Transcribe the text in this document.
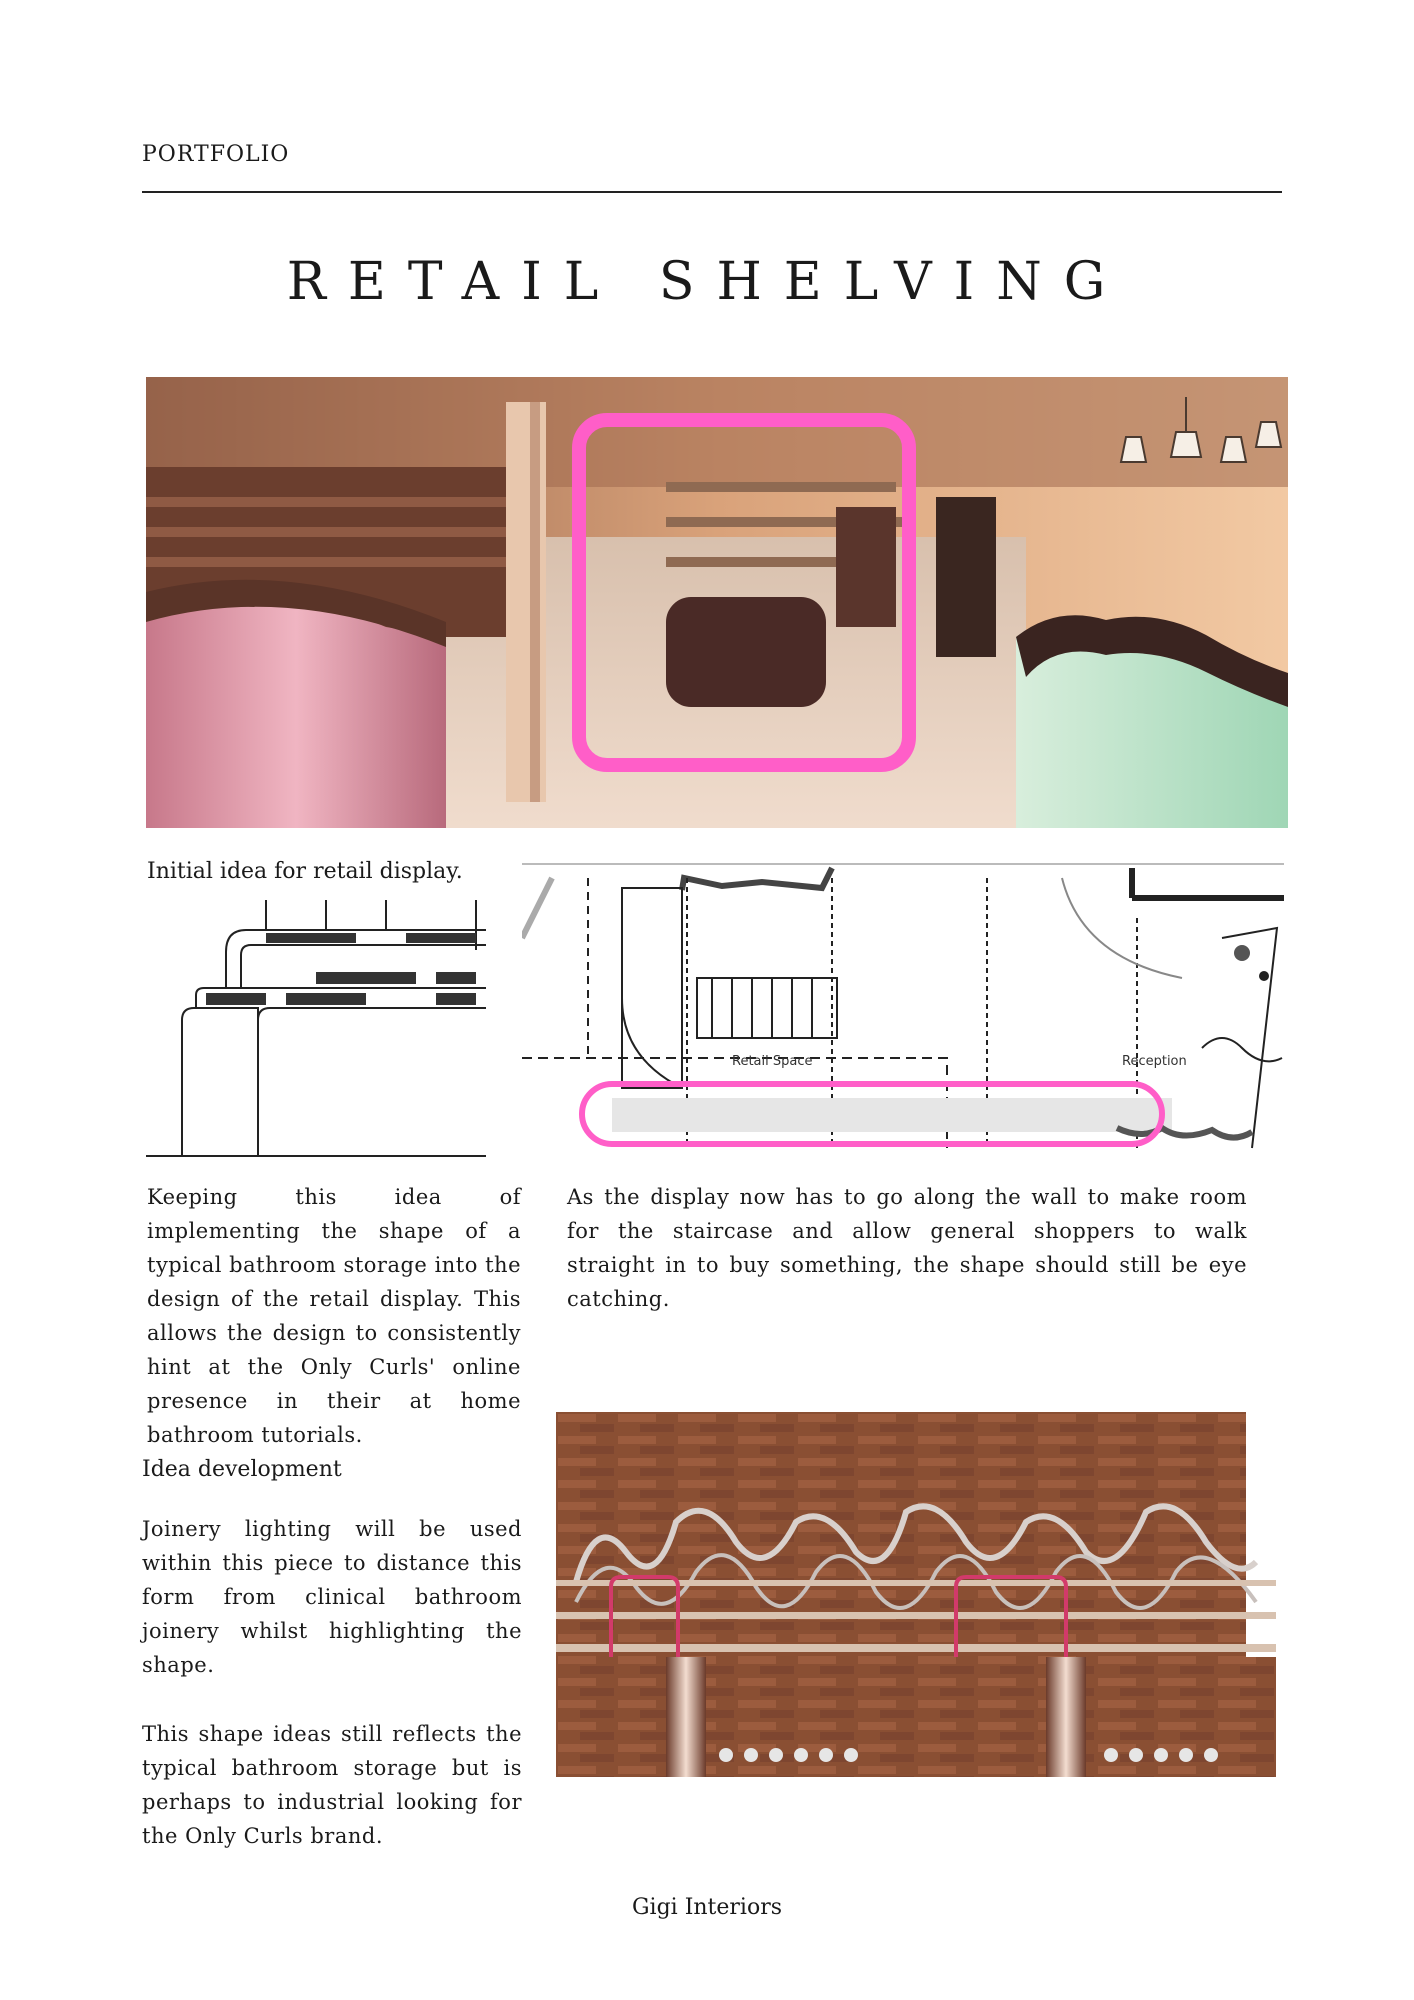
PORTFOLIO
RETAIL SHELVING
Initial idea for retail display.
Retail Space	Reception
Keeping this idea of implementing the shape of a typical bathroom storage into the design of the retail display. This allows the design to consistently hint at the Only Curls' online presence in their at home bathroom tutorials.
As the display now has to go along the wall to make room for the staircase and allow general shoppers to walk straight in to buy something, the shape should still be eye catching.
Idea development
Joinery lighting will be used within this piece to distance this form from clinical bathroom joinery whilst highlighting the shape.
This shape ideas still reflects the typical bathroom storage but is perhaps to industrial looking for the Only Curls brand.
Gigi Interiors
